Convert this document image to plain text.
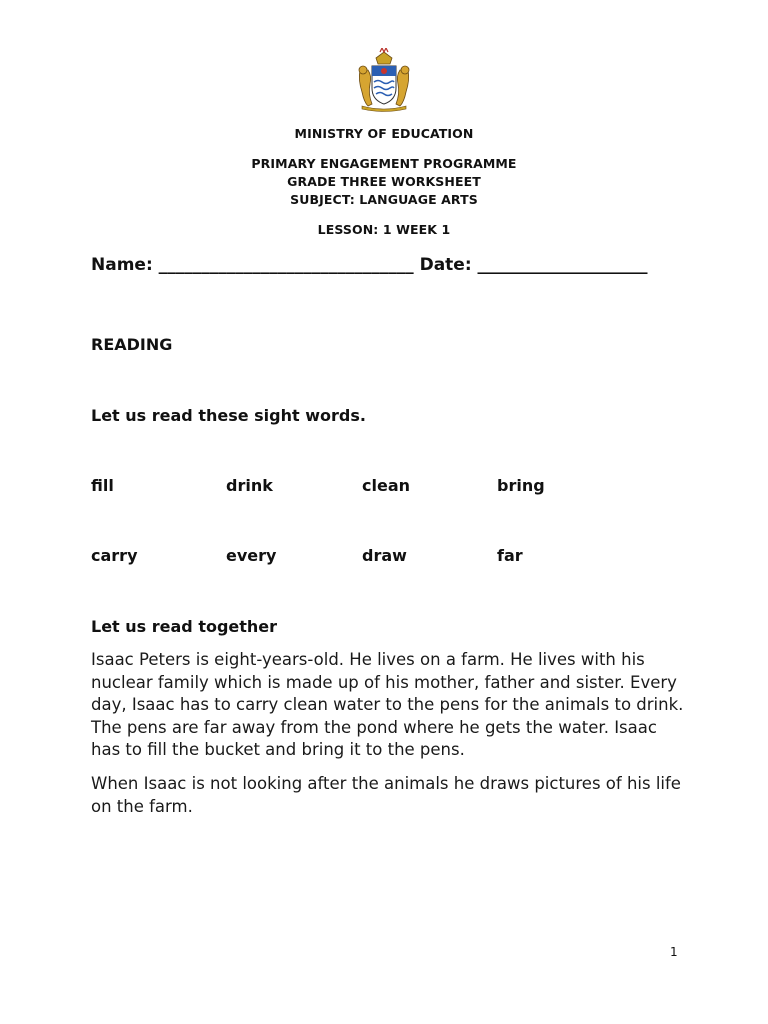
MINISTRY OF EDUCATION
PRIMARY ENGAGEMENT PROGRAMME
GRADE THREE WORKSHEET
SUBJECT: LANGUAGE ARTS
LESSON: 1 WEEK 1
Name: ______________________________ Date: ____________________
READING
Let us read these sight words.
fill	drink	clean	bring
carry	every	draw	far
Let us read together
Isaac Peters is eight-years-old. He lives on a farm. He lives with his nuclear family which is made up of his mother, father and sister. Every day, Isaac has to carry clean water to the pens for the animals to drink. The pens are far away from the pond where he gets the water. Isaac has to fill the bucket and bring it to the pens.
When Isaac is not looking after the animals he draws pictures of his life on the farm.
1
